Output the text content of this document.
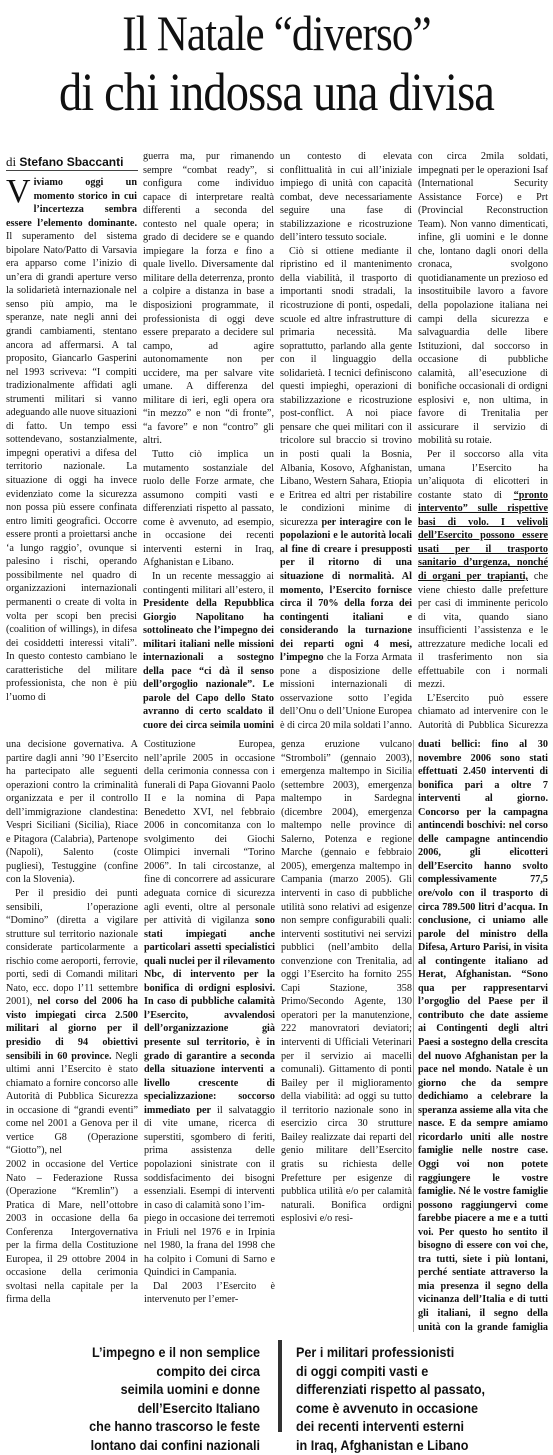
Il Natale “diverso”
di chi indossa una divisa
di Stefano Sbaccanti

Viviamo oggi un momento storico in cui l’incertezza sembra essere l’elemento dominante. Il superamento del sistema bipolare Nato/Patto di Varsavia era apparso come l’inizio di un’era di grandi aperture verso la solidarietà internazionale nel senso più ampio, ma le speranze, nate negli anni dei grandi cambiamenti, stentano ancora ad affermarsi. A tal proposito, Giancarlo Gasperini nel 1993 scriveva: “I compiti tradizionalmente affidati agli strumenti militari si vanno adeguando alle nuove situazioni di fatto. Un tempo essi sottendevano, sostanzialmente, impegni operativi a difesa del territorio nazionale. La situazione di oggi ha invece evidenziato come la sicurezza non possa più essere confinata entro limiti geografici. Occorre essere pronti a proiettarsi anche ‘a lungo raggio’, ovunque si palesino i rischi, operando possibilmente nel quadro di organizzazioni internazionali permanenti o create di volta in volta per scopi ben precisi (coalition of willings), in difesa dei cosiddetti interessi vitali”. In questo contesto cambiano le caratteristiche del militare professionista, che non è più l’uomo di

guerra ma, pur rimanendo sempre “combat ready”, si configura come individuo capace di interpretare realtà differenti a seconda del contesto nel quale opera; in grado di decidere se e quando impiegare la forza e fino a quale livello. Diversamente dal militare della deterrenza, pronto a colpire a distanza in base a disposizioni programmate, il professionista di oggi deve essere preparato a decidere sul campo, ad agire autonomamente non per uccidere, ma per salvare vite umane. A differenza del militare di ieri, egli opera ora “in mezzo” e non “di fronte”, “a favore” e non “contro” gli altri.

Tutto ciò implica un mutamento sostanziale del ruolo delle Forze armate, che assumono compiti vasti e differenziati rispetto al passato, come è avvenuto, ad esempio, in occasione dei recenti interventi esterni in Iraq, Afghanistan e Libano.

In un recente messaggio ai contingenti militari all’estero, il Presidente della Repubblica Giorgio Napolitano ha sottolineato che l’impegno dei militari italiani nelle missioni internazionali a sostegno della pace “ci dà il senso dell’orgoglio nazionale”. Le parole del Capo dello Stato avranno di certo scaldato il cuore dei circa seimila uomini

un contesto di elevata conflittualità in cui all’iniziale impiego di unità con capacità combat, deve necessariamente seguire una fase di stabilizzazione e ricostruzione dell’intero tessuto sociale.

Ciò si ottiene mediante il ripristino ed il mantenimento della viabilità, il trasporto di importanti snodi stradali, la ricostruzione di ponti, ospedali, scuole ed altre infrastrutture di primaria necessità. Ma soprattutto, parlando alla gente con il linguaggio della solidarietà. I tecnici definiscono questi impieghi, operazioni di stabilizzazione e ricostruzione post-conflict. A noi piace pensare che quei militari con il tricolore sul braccio si trovino in posti quali la Bosnia, Albania, Kosovo, Afghanistan, Libano, Western Sahara, Etiopia e Eritrea ed altri per ristabilire le condizioni minime di sicurezza per interagire con le popolazioni e le autorità locali al fine di creare i presupposti per il ritorno di una situazione di normalità. Al momento, l’Esercito fornisce circa il 70% della forza dei contingenti italiani e considerando la turnazione dei reparti ogni 4 mesi, l’impegno che la Forza Armata pone a disposizione delle missioni internazionali di osservazione sotto l’egida dell’Onu o dell’Unione Europea è di circa 20 mila soldati l’anno.

con circa 2mila soldati, impegnati per le operazioni Isaf (International Security Assistance Force) e Prt (Provincial Reconstruction Team). Non vanno dimenticati, infine, gli uomini e le donne che, lontano dagli onori della cronaca, svolgono quotidianamente un prezioso ed insostituibile lavoro a favore della popolazione italiana nei campi della sicurezza e salvaguardia delle libere Istituzioni, dal soccorso in occasione di pubbliche calamità, all’esecuzione di bonifiche occasionali di ordigni esplosivi e, non ultima, in favore di Trenitalia per assicurare il servizio di mobilità su rotaie.

Per il soccorso alla vita umana l’Esercito ha un’aliquota di elicotteri in costante stato di “pronto intervento” sulle rispettive basi di volo. I velivoli dell’Esercito possono essere usati per il trasporto sanitario d’urgenza, nonché di organi per trapianti, che viene chiesto dalle prefetture per casi di imminente pericolo di vita, quando siano insufficienti l’assistenza e le attrezzature mediche locali ed il trasferimento non sia effettuabile con i normali mezzi.

L’Esercito può essere chiamato ad intervenire con le Autorità di Pubblica Sicurezza

una decisione governativa. A partire dagli anni ’90 l’Esercito ha partecipato alle seguenti operazioni contro la criminalità organizzata e per il controllo dell’immigrazione clandestina: Vespri Siciliani (Sicilia), Riace e Pitagora (Calabria), Partenope (Napoli), Salento (coste pugliesi), Testuggine (confine con la Slovenia).

Per il presidio dei punti sensibili, l’operazione “Domino” (diretta a vigilare strutture sul territorio nazionale considerate particolarmente a rischio come aeroporti, ferrovie, porti, sedi di Comandi militari Nato, ecc. dopo l’11 settembre 2001), nel corso del 2006 ha visto impiegati circa 2.500 militari al giorno per il presidio di 94 obiettivi sensibili in 60 province. Negli ultimi anni l’Esercito è stato chiamato a fornire concorso alle Autorità di Pubblica Sicurezza in occasione di “grandi eventi” come nel 2001 a Genova per il vertice G8 (Operazione “Giotto”), nel

2002 in occasione del Vertice Nato – Federazione Russa (Operazione “Kremlin”) a Pratica di Mare, nell’ottobre 2003 in occasione della 6a Conferenza Intergovernativa per la firma della Costituzione Europea, il 29 ottobre 2004 in occasione della cerimonia svoltasi nella capitale per la firma della

Costituzione Europea, nell’aprile 2005 in occasione della cerimonia connessa con i funerali di Papa Giovanni Paolo II e la nomina di Papa Benedetto XVI, nel febbraio 2006 in concomitanza con lo svolgimento dei Giochi Olimpici invernali “Torino 2006”. In tali circostanze, al fine di concorrere ad assicurare adeguata cornice di sicurezza agli eventi, oltre al personale per attività di vigilanza sono stati impiegati anche particolari assetti specialistici quali nuclei per il rilevamento Nbc, di intervento per la bonifica di ordigni esplosivi. In caso di pubbliche calamità l’Esercito, avvalendosi dell’organizzazione già presente sul territorio, è in grado di garantire a seconda della situazione interventi a livello crescente di specializzazione: soccorso immediato per il salvataggio di vite umane, ricerca di superstiti, sgombero di feriti, prima assistenza delle popolazioni sinistrate con il soddisfacimento dei bisogni essenziali. Esempi di interventi in caso di calamità sono l’im-

piego in occasione dei terremoti in Friuli nel 1976 e in Irpinia nel 1980, la frana del 1998 che ha colpito i Comuni di Sarno e Quindici in Campania.

Dal 2003 l’Esercito è intervenuto per l’emer-

genza eruzione vulcano “Stromboli” (gennaio 2003), emergenza maltempo in Sicilia (settembre 2003), emergenza maltempo in Sardegna (dicembre 2004), emergenza maltempo nelle province di Salerno, Potenza e regione Marche (gennaio e febbraio 2005), emergenza maltempo in Campania (marzo 2005). Gli interventi in caso di pubbliche utilità sono relativi ad esigenze non sempre configurabili quali: interventi sostitutivi nei servizi pubblici (nell’ambito della convenzione con Trenitalia, ad oggi l’Esercito ha fornito 255 Capi Stazione, 358 Primo/Secondo Agente, 130 operatori per la manutenzione, 222 manovratori deviatori; interventi di Ufficiali Veterinari per il servizio ai macelli comunali). Gittamento di ponti Bailey per il miglioramento della viabilità: ad oggi su tutto il territorio nazionale sono in esercizio circa 30 strutture Bailey realizzate dai reparti del genio militare dell’Esercito gratis su richiesta delle Prefetture per esigenze di pubblica utilità e/o per calamità naturali. Bonifica ordigni esplosivi e/o resi-

duati bellici: fino al 30 novembre 2006 sono stati effettuati 2.450 interventi di bonifica pari a oltre 7 interventi al giorno. Concorso per la campagna antincendi boschivi: nel corso delle campagne antincendio 2006, gli elicotteri dell’Esercito hanno svolto complessivamente 77,5 ore/volo con il trasporto di circa 789.500 litri d’acqua. In conclusione, ci uniamo alle parole del ministro della Difesa, Arturo Parisi, in visita al contingente italiano ad Herat, Afghanistan. “Sono qua per rappresentarvi l’orgoglio del Paese per il contributo che date assieme ai Contingenti degli altri Paesi a sostegno della crescita del nuovo Afghanistan per la pace nel mondo. Natale è un giorno che da sempre dedichiamo a celebrare la speranza assieme alla vita che nasce. E da sempre amiamo ricordarlo uniti alle nostre famiglie nelle nostre case. Oggi voi non potete raggiungere le vostre famiglie. Né le vostre famiglie possono raggiungervi come farebbe piacere a me e a tutti voi. Per questo ho sentito il bisogno di essere con voi che, tra tutti, siete i più lontani, perché sentiate attraverso la mia presenza il segno della vicinanza dell’Italia e di tutti gli italiani, il segno della unità con la grande famiglia

L’impegno e il non semplice
compito dei circa
seimila uomini e donne
dell’Esercito Italiano
che hanno trascorso le feste
lontano dai confini nazionali
Per i militari professionisti
di oggi compiti vasti e
differenziati rispetto al passato,
come è avvenuto in occasione
dei recenti interventi esterni
in Iraq, Afghanistan e Libano
